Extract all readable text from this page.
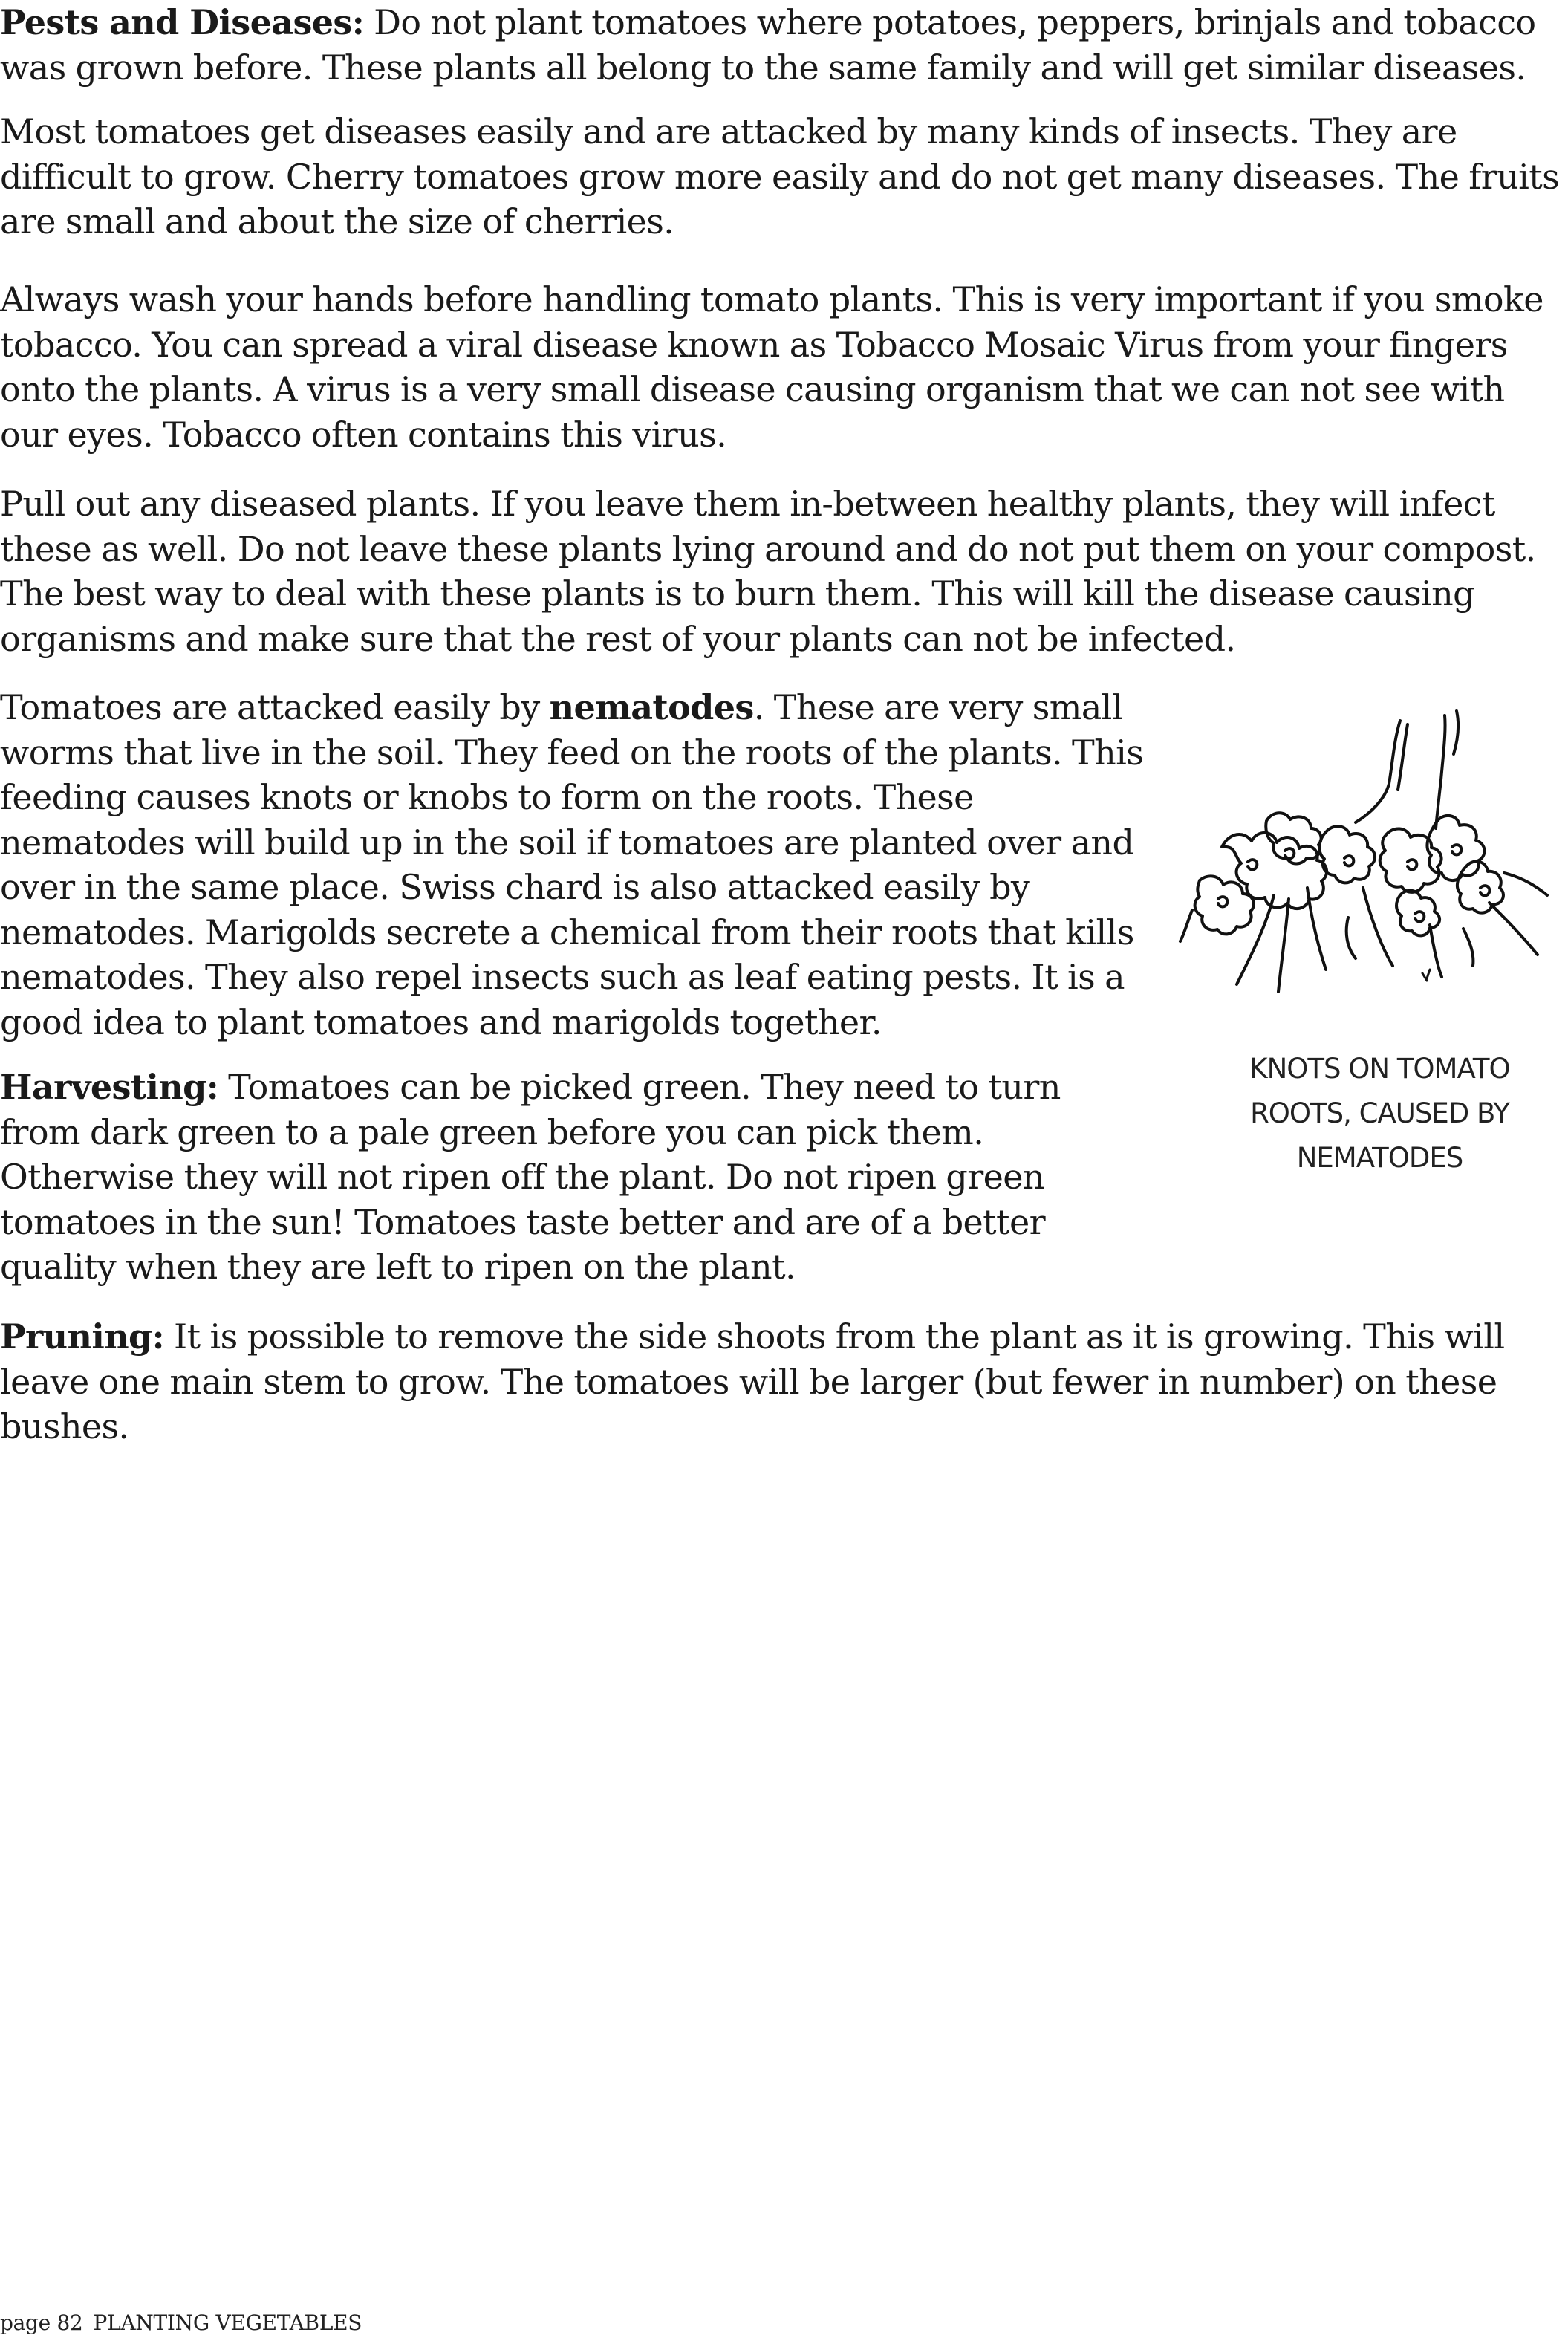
Pests and Diseases: Do not plant tomatoes where potatoes, peppers, brinjals and tobacco was grown before. These plants all belong to the same family and will get similar diseases.

Most tomatoes get diseases easily and are attacked by many kinds of insects. They are difficult to grow. Cherry tomatoes grow more easily and do not get many diseases. The fruits are small and about the size of cherries.

Always wash your hands before handling tomato plants. This is very important if you smoke tobacco. You can spread a viral disease known as Tobacco Mosaic Virus from your fingers onto the plants. A virus is a very small disease causing organism that we can not see with our eyes. Tobacco often contains this virus.

Pull out any diseased plants. If you leave them in-between healthy plants, they will infect these as well. Do not leave these plants lying around and do not put them on your compost. The best way to deal with these plants is to burn them. This will kill the disease causing organisms and make sure that the rest of your plants can not be infected.

Tomatoes are attacked easily by nematodes. These are very small worms that live in the soil. They feed on the roots of the plants. This feeding causes knots or knobs to form on the roots. These nematodes will build up in the soil if tomatoes are planted over and over in the same place. Swiss chard is also attacked easily by nematodes. Marigolds secrete a chemical from their roots that kills nematodes. They also repel insects such as leaf eating pests. It is a good idea to plant tomatoes and marigolds together.

Harvesting: Tomatoes can be picked green. They need to turn from dark green to a pale green before you can pick them. Otherwise they will not ripen off the plant. Do not ripen green tomatoes in the sun! Tomatoes taste better and are of a better quality when they are left to ripen on the plant.

Pruning: It is possible to remove the side shoots from the plant as it is growing. This will leave one main stem to grow. The tomatoes will be larger (but fewer in number) on these bushes.

KNOTS ON TOMATO
ROOTS, CAUSED BY
NEMATODES
page 82 PLANTING VEGETABLES
